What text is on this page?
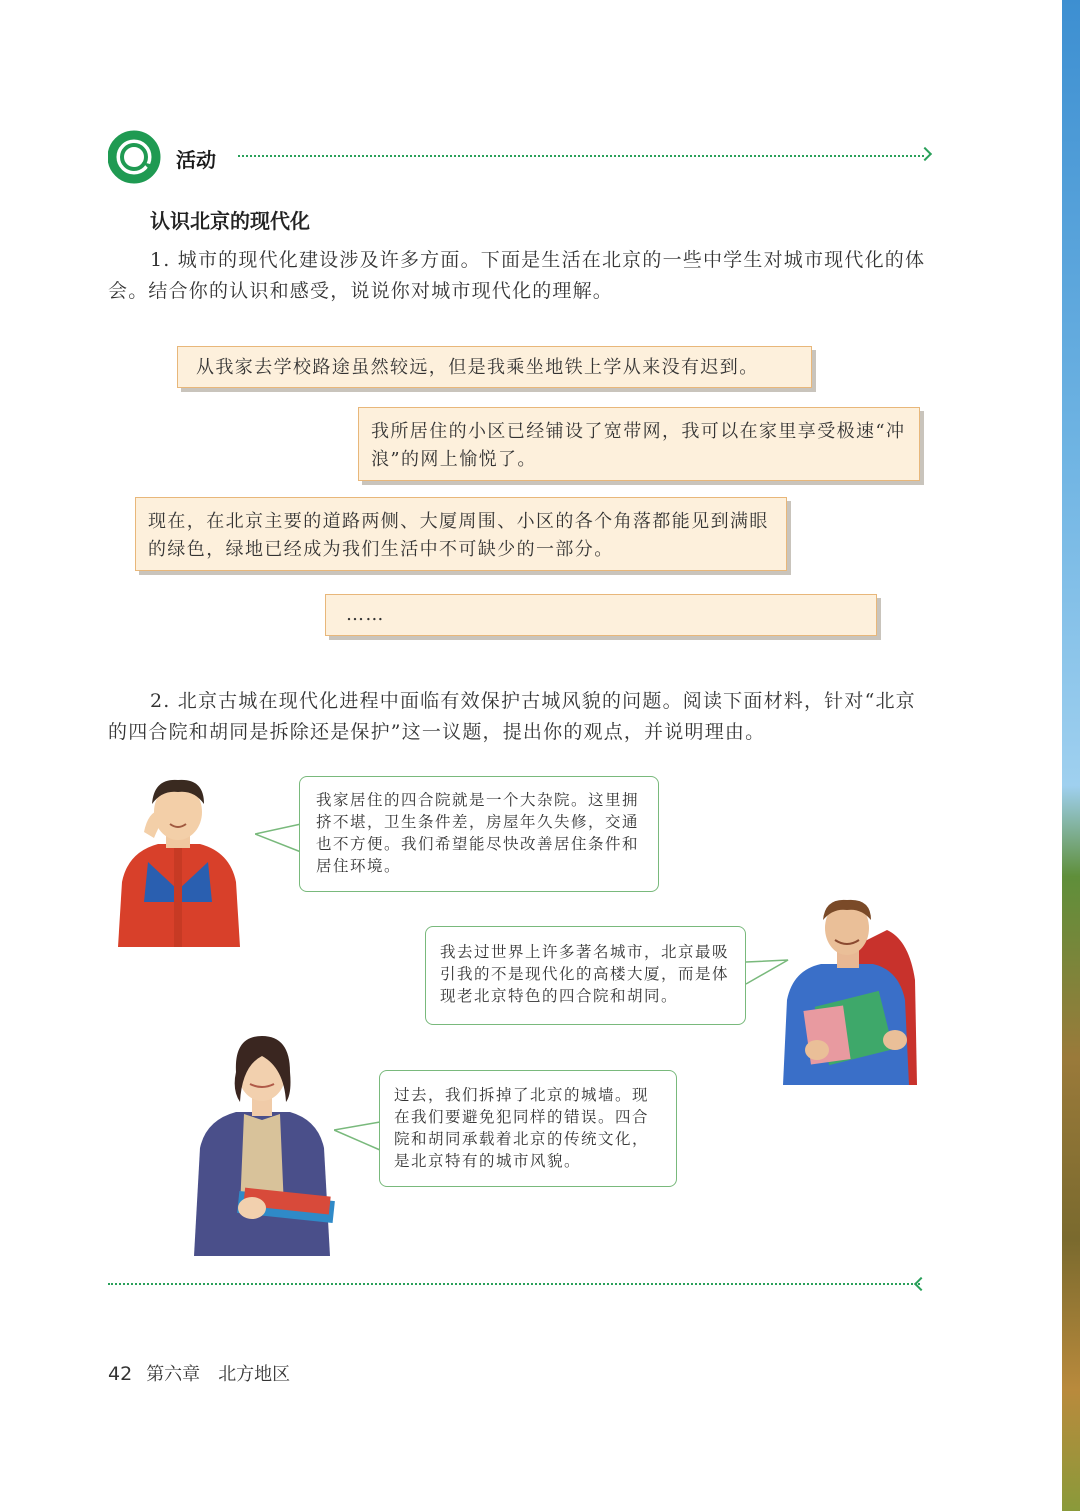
活动
认识北京的现代化
1. 城市的现代化建设涉及许多方面。下面是生活在北京的一些中学生对城市现代化的体会。结合你的认识和感受，说说你对城市现代化的理解。
从我家去学校路途虽然较远，但是我乘坐地铁上学从来没有迟到。
我所居住的小区已经铺设了宽带网，我可以在家里享受极速“冲浪”的网上愉悦了。
现在，在北京主要的道路两侧、大厦周围、小区的各个角落都能见到满眼的绿色，绿地已经成为我们生活中不可缺少的一部分。
……
2. 北京古城在现代化进程中面临有效保护古城风貌的问题。阅读下面材料，针对“北京的四合院和胡同是拆除还是保护”这一议题，提出你的观点，并说明理由。
我家居住的四合院就是一个大杂院。这里拥挤不堪，卫生条件差，房屋年久失修，交通也不方便。我们希望能尽快改善居住条件和居住环境。
我去过世界上许多著名城市，北京最吸引我的不是现代化的高楼大厦，而是体现老北京特色的四合院和胡同。
过去，我们拆掉了北京的城墙。现在我们要避免犯同样的错误。四合院和胡同承载着北京的传统文化，是北京特有的城市风貌。
42 第六章 北方地区
